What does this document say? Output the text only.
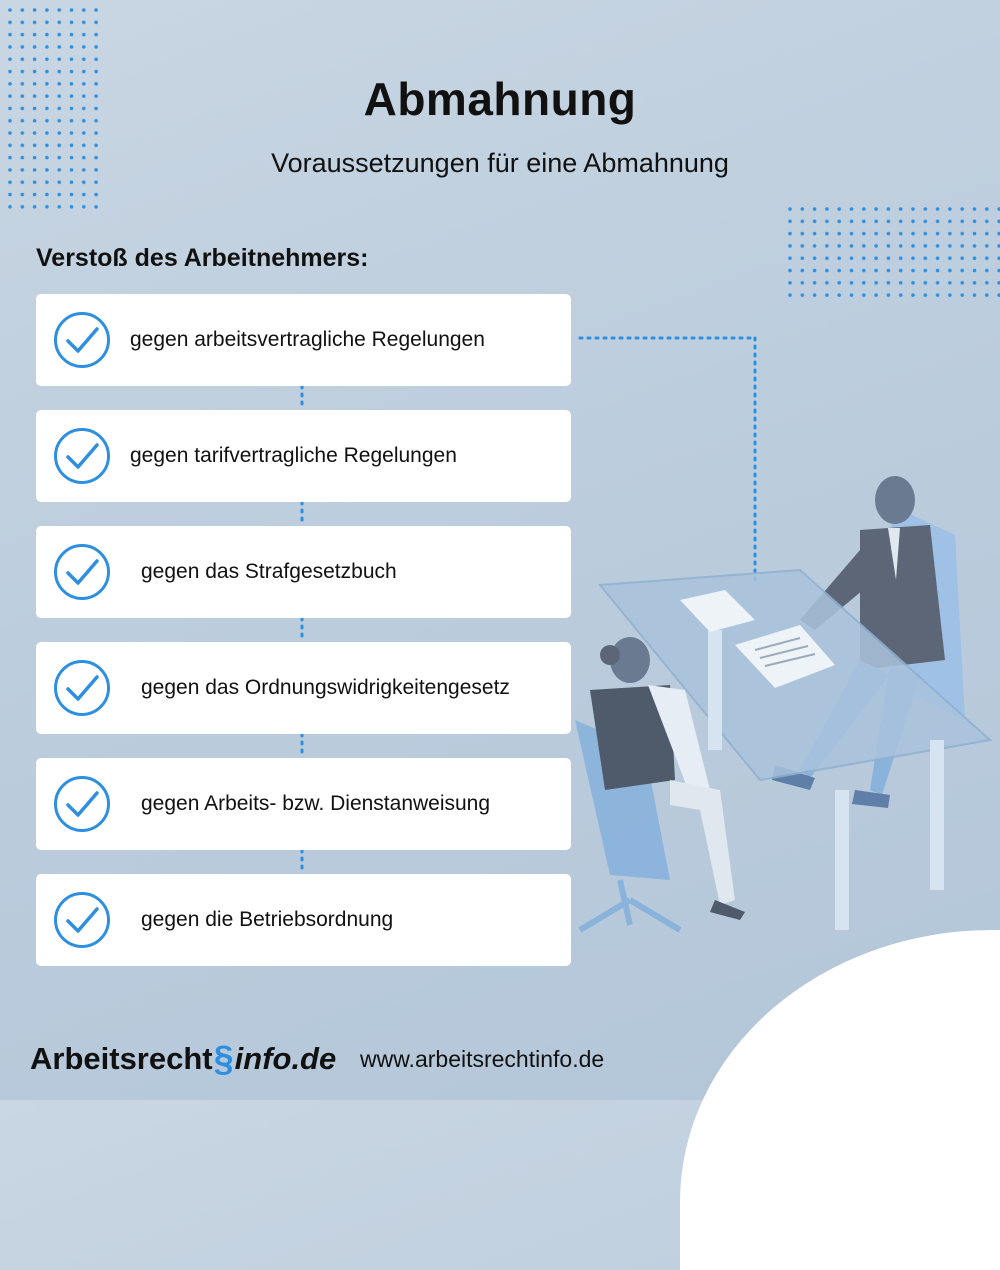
Abmahnung
Voraussetzungen für eine Abmahnung
Verstoß des Arbeitnehmers:
gegen arbeitsvertragliche Regelungen
gegen tarifvertragliche Regelungen
gegen das Strafgesetzbuch
gegen das Ordnungswidrigkeitengesetz
gegen Arbeits- bzw. Dienstanweisung
gegen die Betriebsordnung
Arbeitsrecht § info.de www.arbeitsrechtinfo.de
